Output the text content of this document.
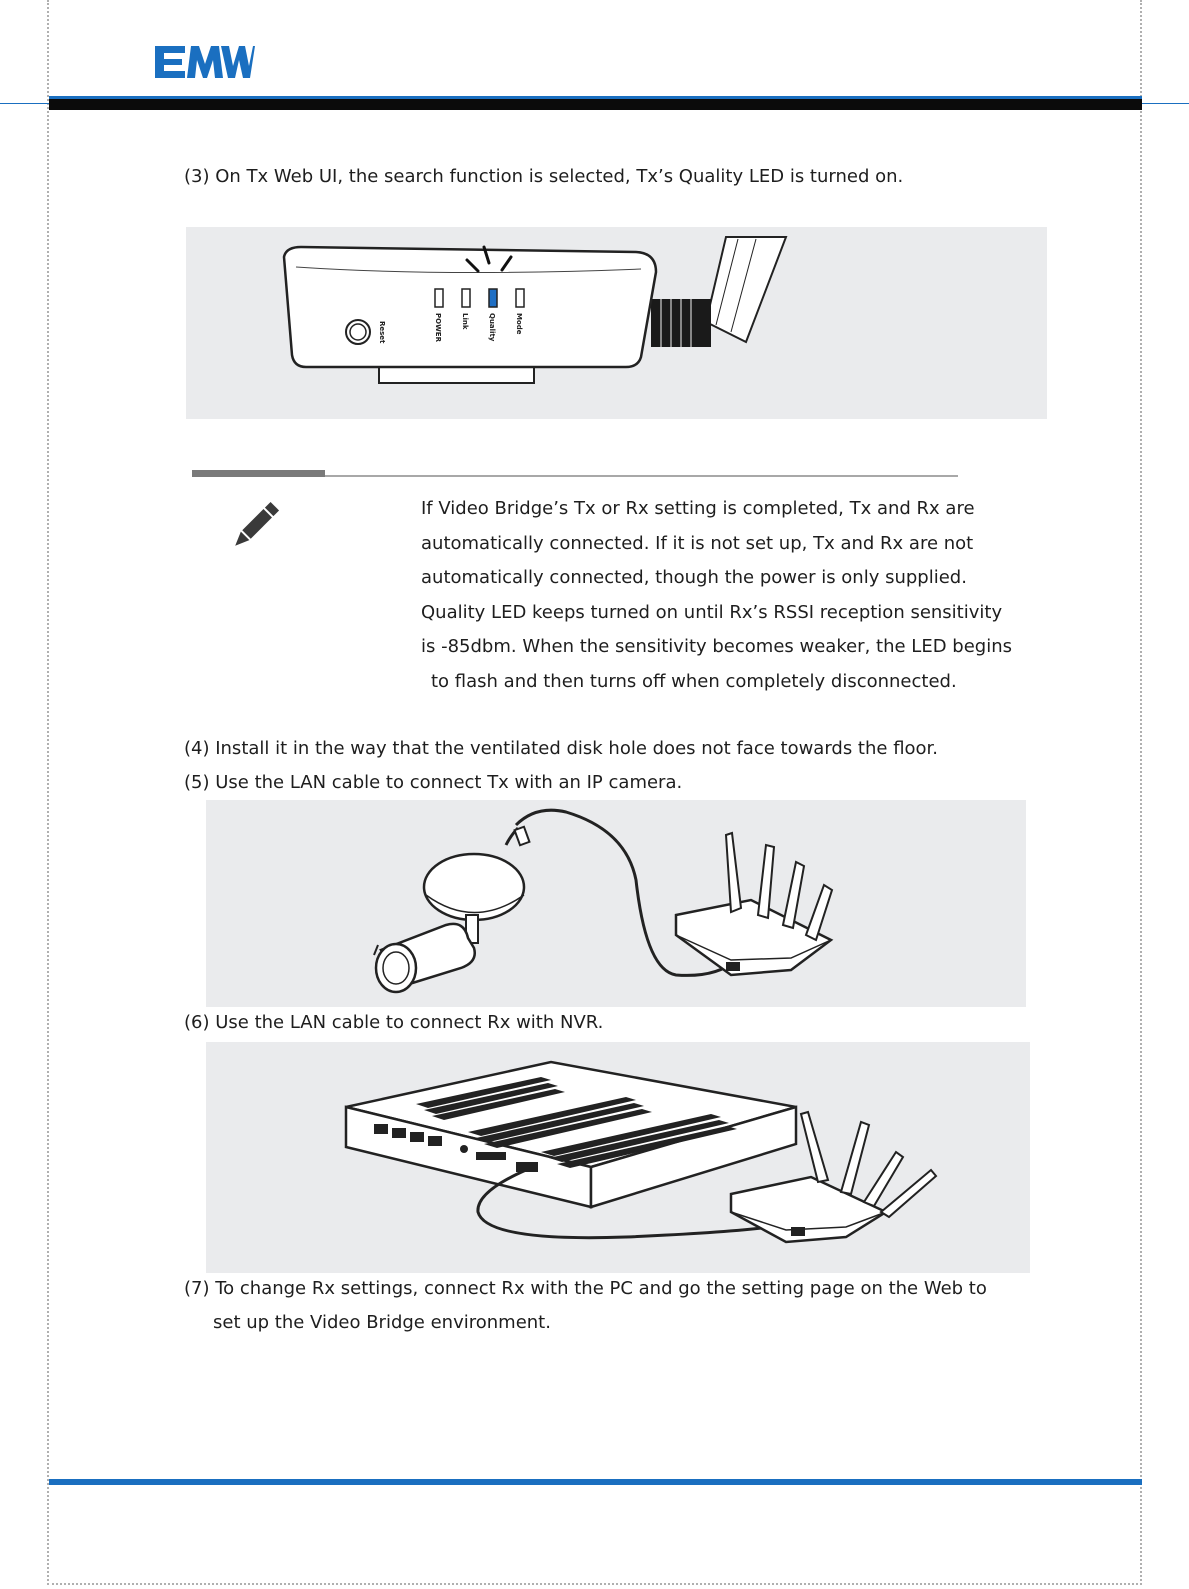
(3) On Tx Web UI, the search function is selected, Tx’s Quality LED is turned on.
Reset	POWER	Link	Quality	Mode
If Video Bridge’s Tx or Rx setting is completed, Tx and Rx are
automatically connected. If it is not set up, Tx and Rx are not
automatically connected, though the power is only supplied.
Quality LED keeps turned on until Rx’s RSSI reception sensitivity
is -85dbm. When the sensitivity becomes weaker, the LED begins
to flash and then turns off when completely disconnected.
(4) Install it in the way that the ventilated disk hole does not face towards the floor.
(5) Use the LAN cable to connect Tx with an IP camera.
(6) Use the LAN cable to connect Rx with NVR.
(7) To change Rx settings, connect Rx with the PC and go the setting page on the Web to
set up the Video Bridge environment.
